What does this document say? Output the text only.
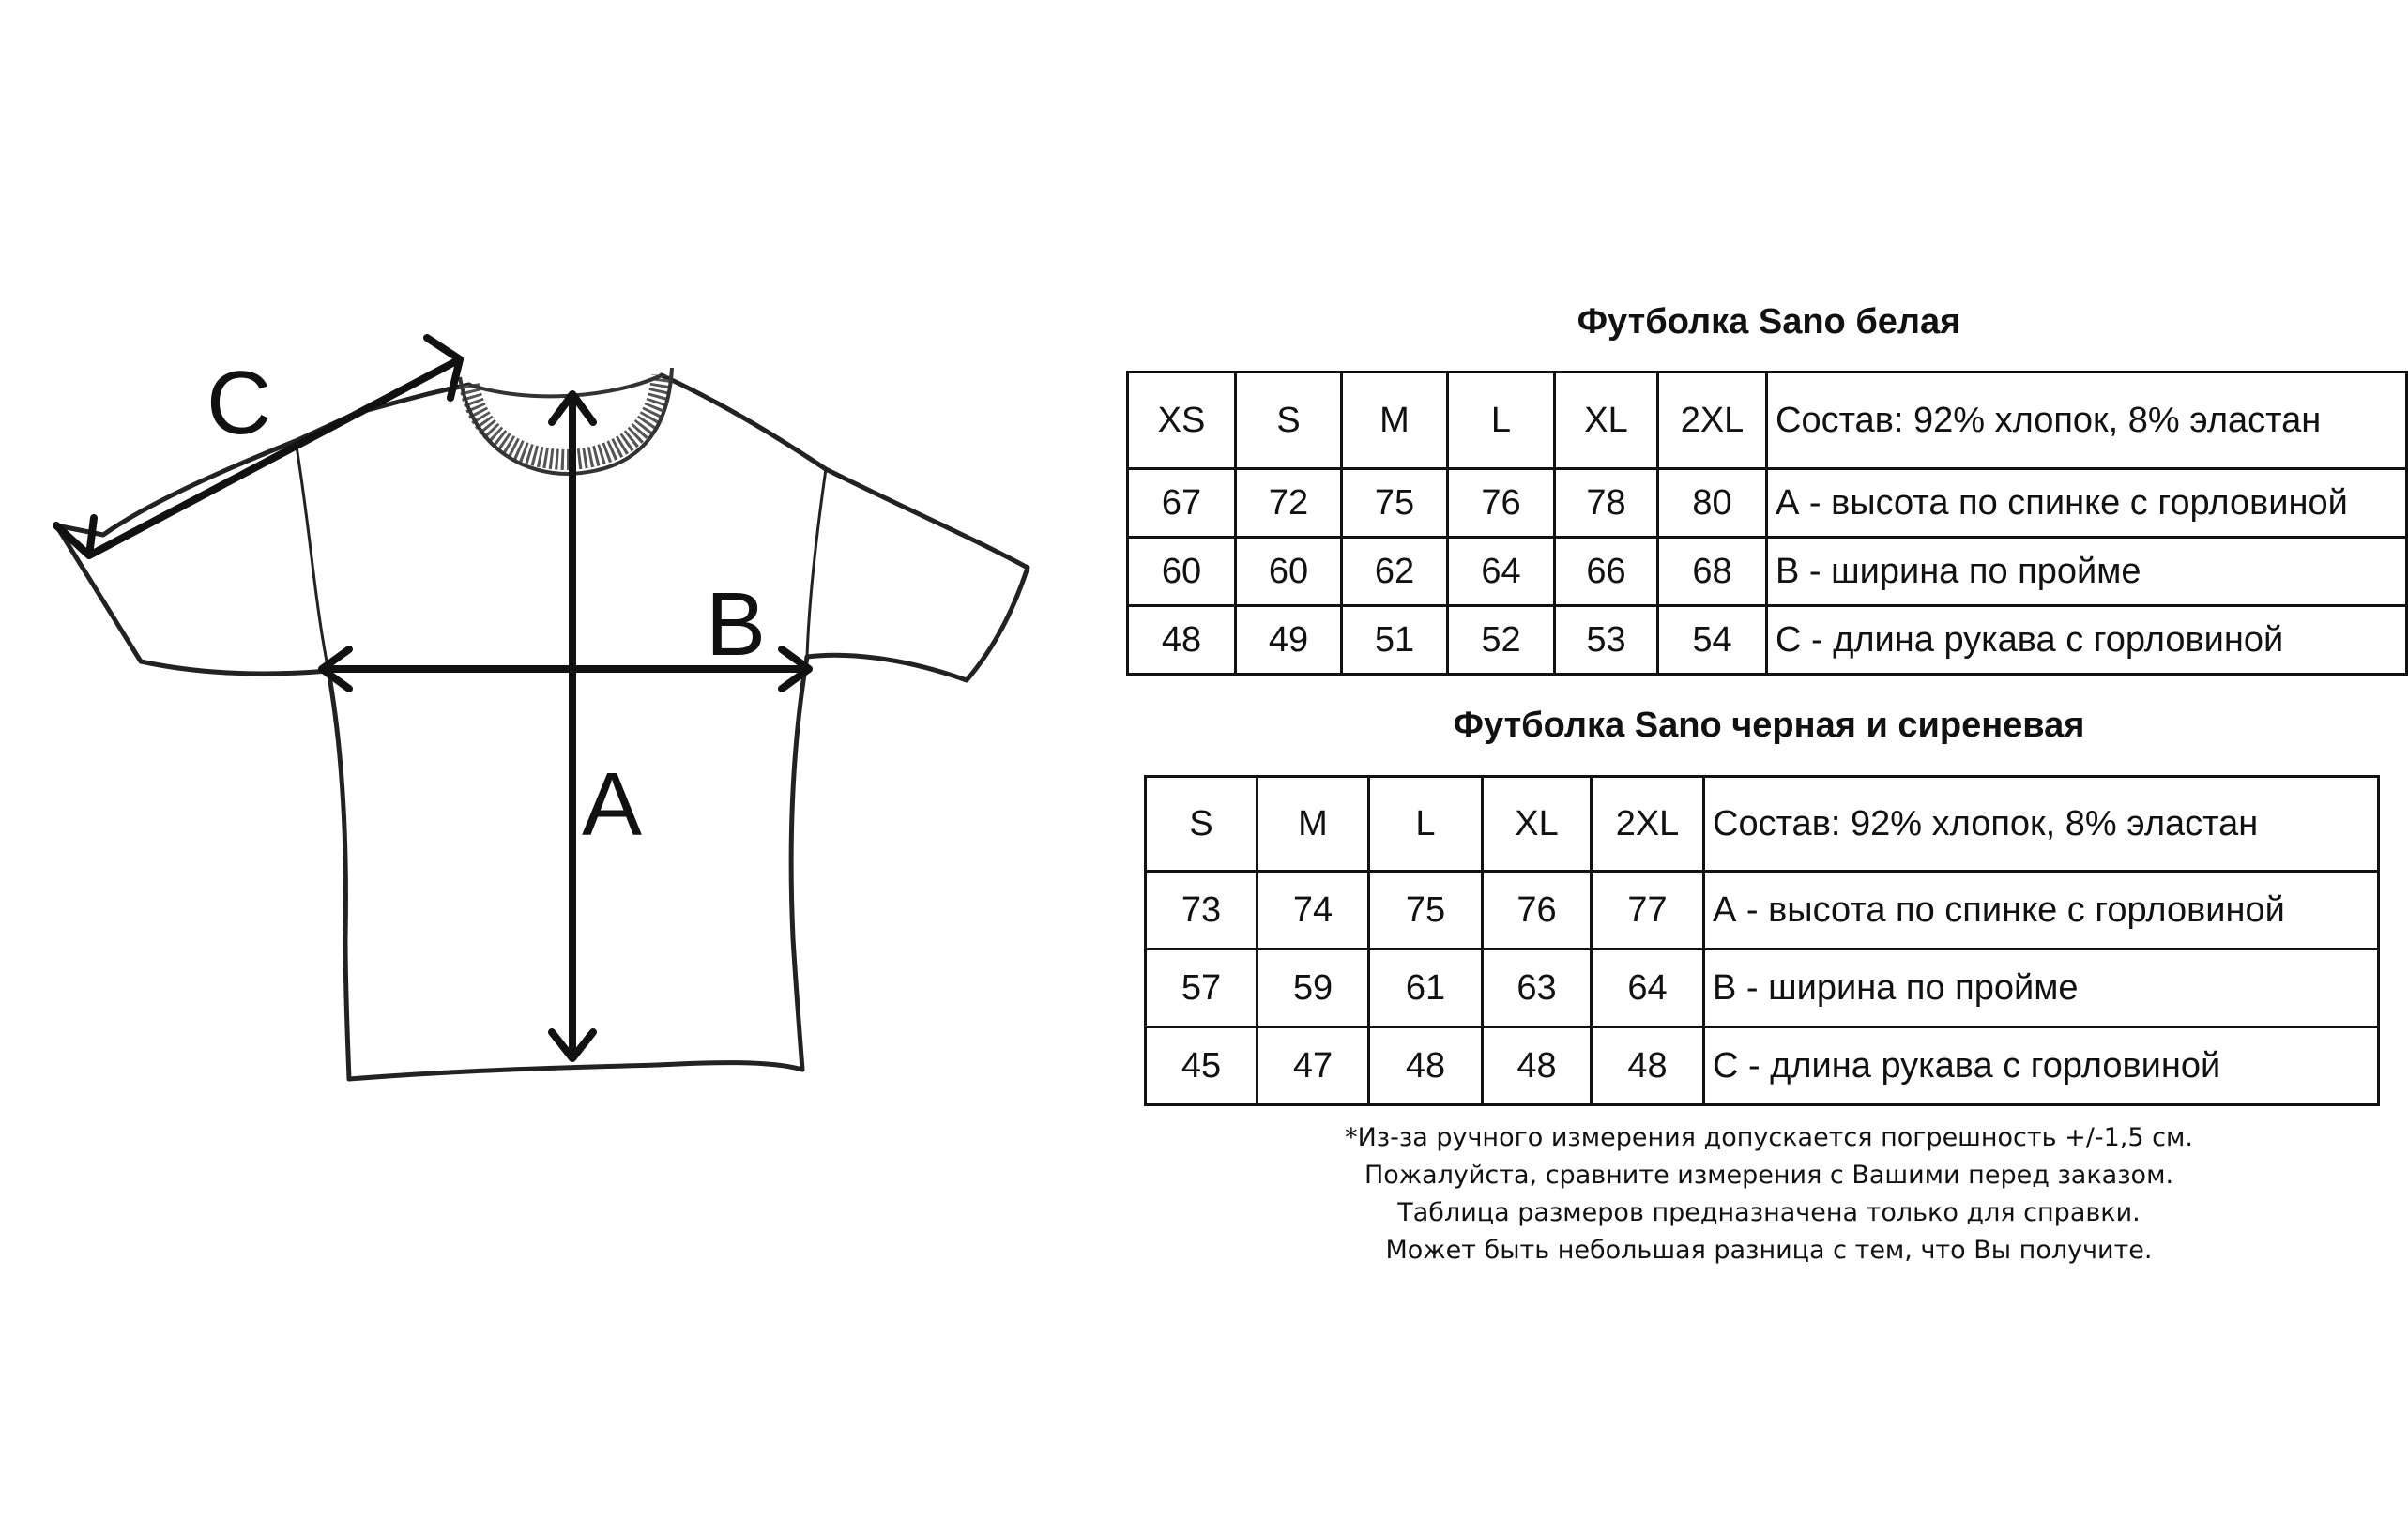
C
B
A
Футболка Sano белая
XS	S	M	L	XL	2XL	Состав: 92% хлопок, 8% эластан
67	72	75	76	78	80	А - высота по спинке с горловиной
60	60	62	64	66	68	В - ширина по пройме
48	49	51	52	53	54	С - длина рукава с горловиной
Футболка Sano черная и сиреневая
S	M	L	XL	2XL	Состав: 92% хлопок, 8% эластан
73	74	75	76	77	А - высота по спинке с горловиной
57	59	61	63	64	В - ширина по пройме
45	47	48	48	48	С - длина рукава с горловиной
*Из-за ручного измерения допускается погрешность +/-1,5 см.
Пожалуйста, сравните измерения с Вашими перед заказом.
Таблица размеров предназначена только для справки.
Может быть небольшая разница с тем, что Вы получите.
